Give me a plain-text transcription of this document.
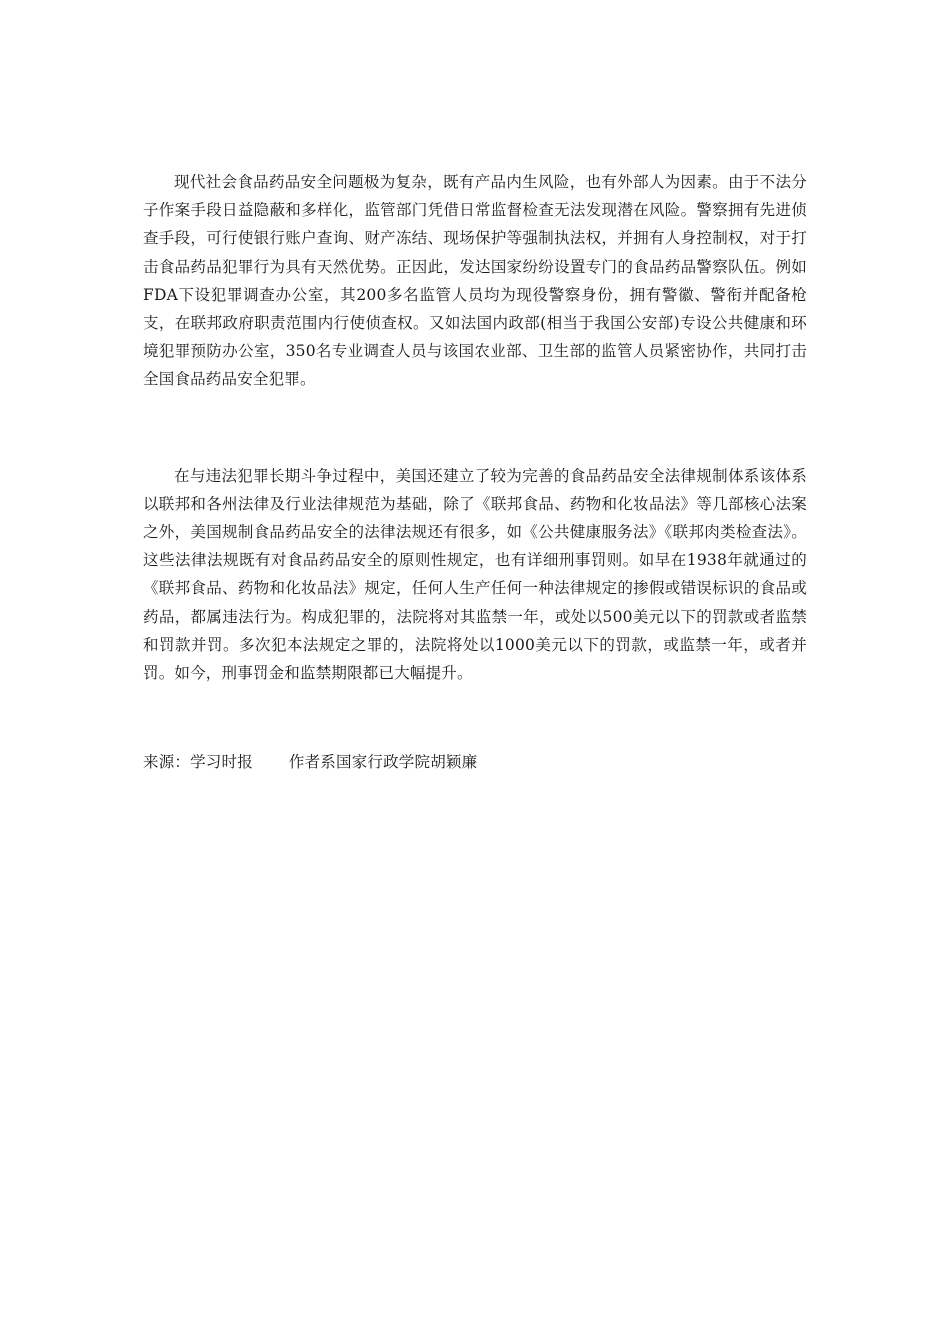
现代社会食品药品安全问题极为复杂，既有产品内生风险，也有外部人为因素。由于不法分子作案手段日益隐蔽和多样化，监管部门凭借日常监督检查无法发现潜在风险。警察拥有先进侦查手段，可行使银行账户查询、财产冻结、现场保护等强制执法权，并拥有人身控制权，对于打击食品药品犯罪行为具有天然优势。正因此，发达国家纷纷设置专门的食品药品警察队伍。例如FDA下设犯罪调查办公室，其200多名监管人员均为现役警察身份，拥有警徽、警衔并配备枪支，在联邦政府职责范围内行使侦查权。又如法国内政部(相当于我国公安部)专设公共健康和环境犯罪预防办公室，350名专业调查人员与该国农业部、卫生部的监管人员紧密协作，共同打击全国食品药品安全犯罪。

在与违法犯罪长期斗争过程中，美国还建立了较为完善的食品药品安全法律规制体系该体系以联邦和各州法律及行业法律规范为基础，除了《联邦食品、药物和化妆品法》等几部核心法案之外，美国规制食品药品安全的法律法规还有很多，如《公共健康服务法》《联邦肉类检查法》。这些法律法规既有对食品药品安全的原则性规定，也有详细刑事罚则。如早在1938年就通过的《联邦食品、药物和化妆品法》规定，任何人生产任何一种法律规定的掺假或错误标识的食品或药品，都属违法行为。构成犯罪的，法院将对其监禁一年，或处以500美元以下的罚款或者监禁和罚款并罚。多次犯本法规定之罪的，法院将处以1000美元以下的罚款，或监禁一年，或者并罚。如今，刑事罚金和监禁期限都已大幅提升。

来源：学习时报 作者系国家行政学院胡颖廉
